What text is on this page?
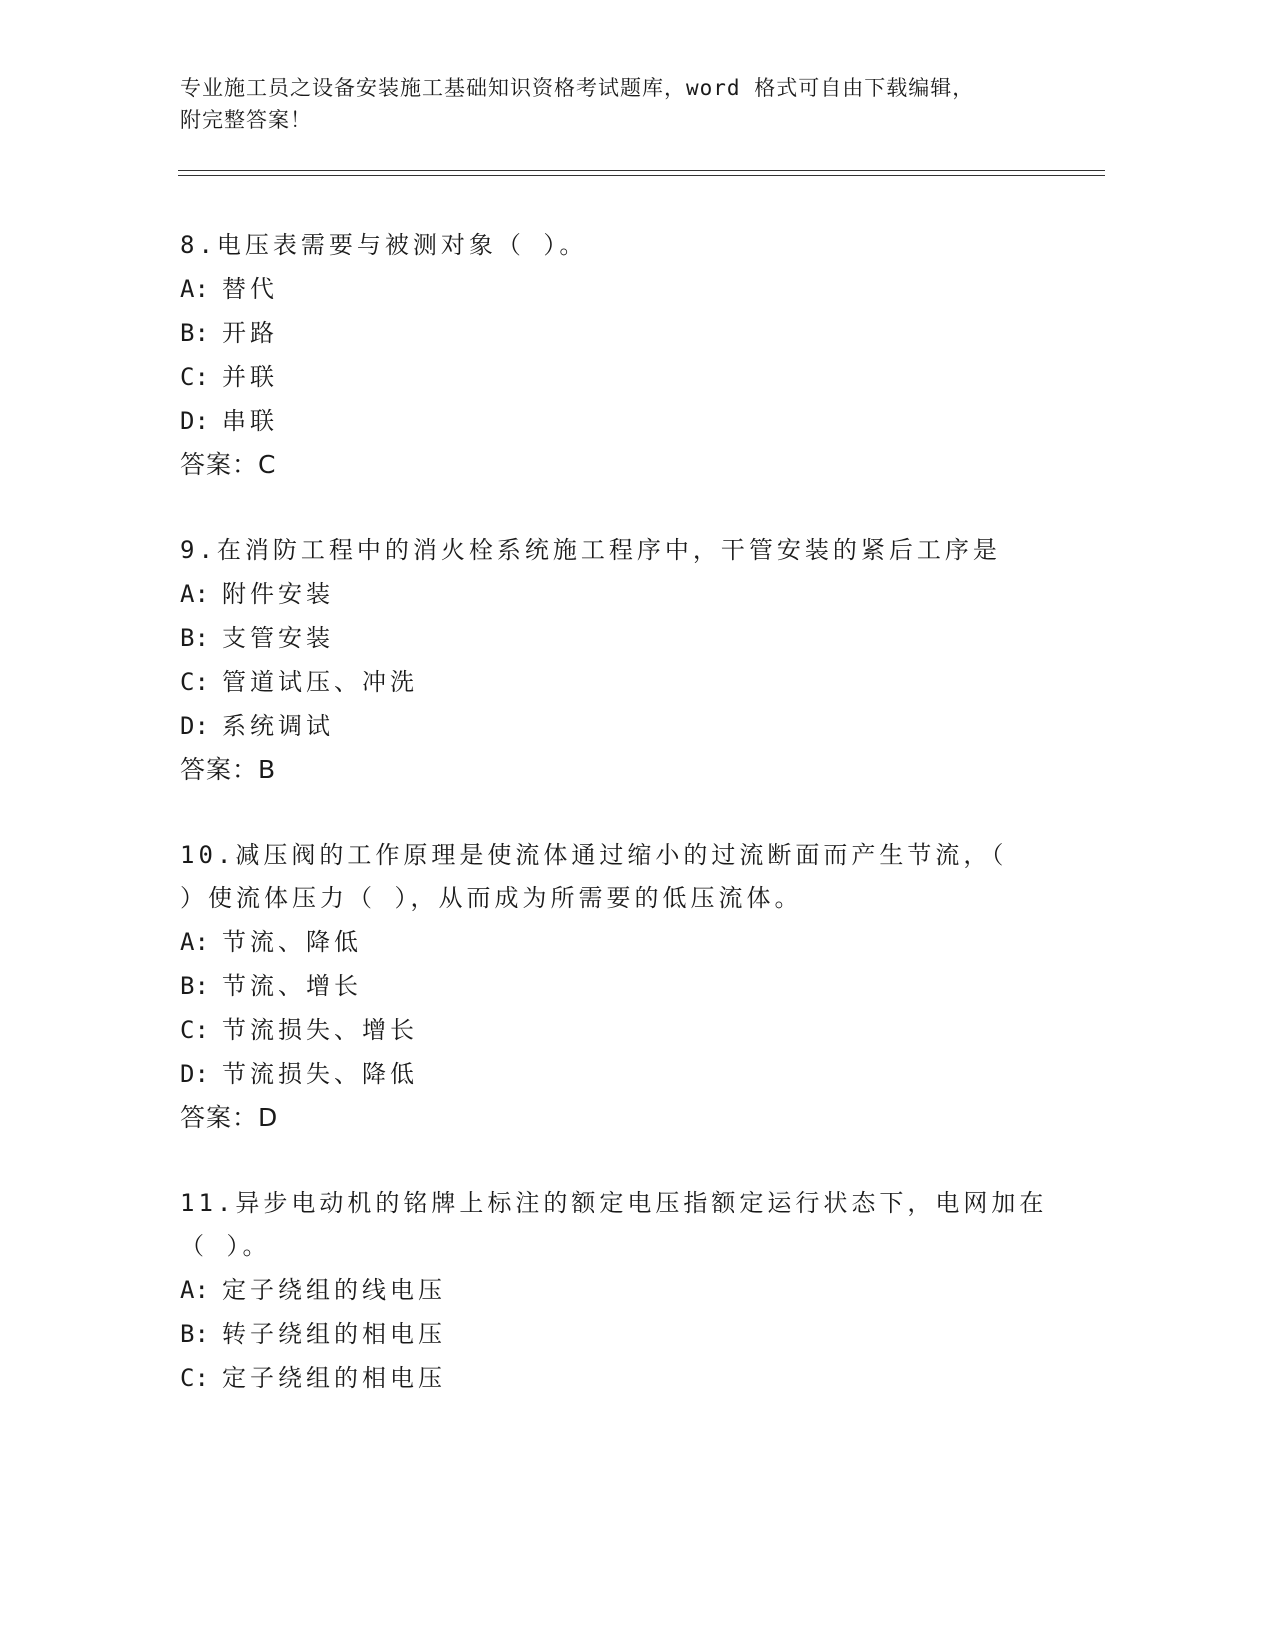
专业施工员之设备安装施工基础知识资格考试题库，word 格式可自由下载编辑，
附完整答案！
8.电压表需要与被测对象（ ）。
A: 替代
B: 开路
C: 并联
D: 串联
答案：C
9.在消防工程中的消火栓系统施工程序中，干管安装的紧后工序是
A: 附件安装
B: 支管安装
C: 管道试压、冲洗
D: 系统调试
答案：B
10.减压阀的工作原理是使流体通过缩小的过流断面而产生节流，（
）使流体压力（ ），从而成为所需要的低压流体。
A: 节流、降低
B: 节流、增长
C: 节流损失、增长
D: 节流损失、降低
答案：D
11.异步电动机的铭牌上标注的额定电压指额定运行状态下，电网加在
（ ）。
A: 定子绕组的线电压
B: 转子绕组的相电压
C: 定子绕组的相电压
